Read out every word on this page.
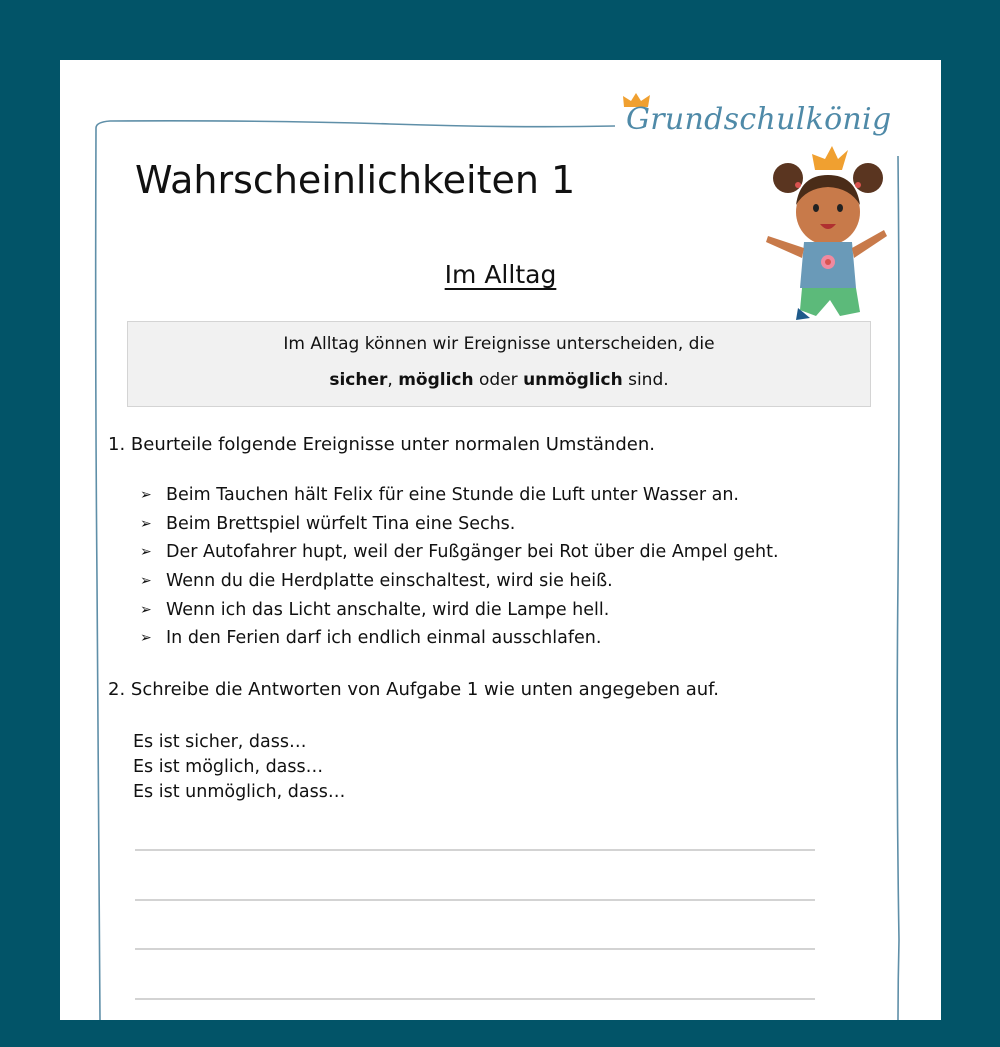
Grundschulkönig
Wahrscheinlichkeiten 1
Im Alltag
Im Alltag können wir Ereignisse unterscheiden, die
sicher, möglich oder unmöglich sind.
1. Beurteile folgende Ereignisse unter normalen Umständen.
➢ Beim Tauchen hält Felix für eine Stunde die Luft unter Wasser an.
➢ Beim Brettspiel würfelt Tina eine Sechs.
➢ Der Autofahrer hupt, weil der Fußgänger bei Rot über die Ampel geht.
➢ Wenn du die Herdplatte einschaltest, wird sie heiß.
➢ Wenn ich das Licht anschalte, wird die Lampe hell.
➢ In den Ferien darf ich endlich einmal ausschlafen.
2. Schreibe die Antworten von Aufgabe 1 wie unten angegeben auf.
Es ist sicher, dass…
Es ist möglich, dass…
Es ist unmöglich, dass…
